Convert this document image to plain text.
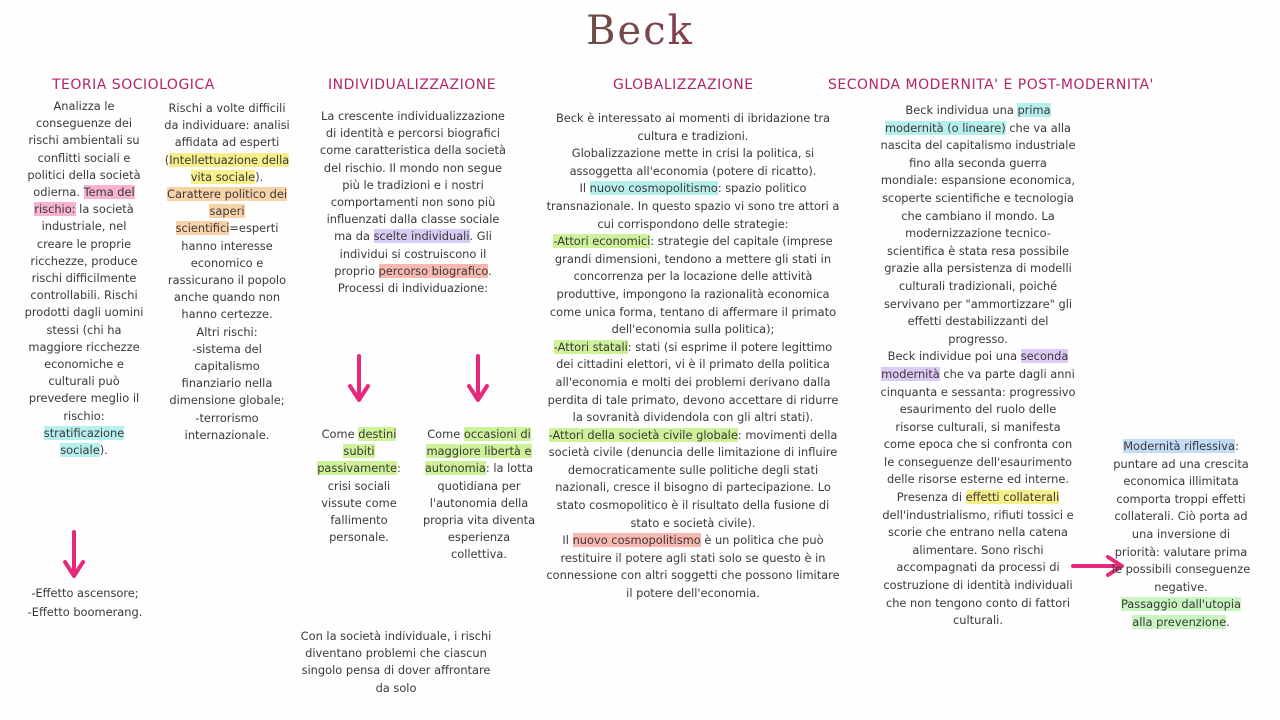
Beck
TEORIA SOCIOLOGICA	INDIVIDUALIZZAZIONE	GLOBALIZZAZIONE	SECONDA MODERNITA' E POST-MODERNITA'

Analizza le conseguenze dei rischi ambientali su conflitti sociali e politici della società odierna. Tema del rischio: la società industriale, nel creare le proprie ricchezze, produce rischi difficilmente controllabili. Rischi prodotti dagli uomini stessi (chi ha maggiore ricchezze economiche e culturali può prevedere meglio il rischio: stratificazione sociale).

-Effetto ascensore;

-Effetto boomerang.

Rischi a volte difficili da individuare: analisi affidata ad esperti (Intellettuazione della vita sociale). Carattere politico dei saperi scientifici=esperti hanno interesse economico e rassicurano il popolo anche quando non hanno certezze.

Altri rischi:

-sistema del capitalismo finanziario nella dimensione globale;

-terrorismo internazionale.

La crescente individualizzazione di identità e percorsi biografici come caratteristica della società del rischio. Il mondo non segue più le tradizioni e i nostri comportamenti non sono più influenzati dalla classe sociale ma da scelte individuali. Gli individui si costruiscono il proprio percorso biografico.

Processi di individuazione:

Come destini subiti passivamente: crisi sociali vissute come fallimento personale.

Come occasioni di maggiore libertà e autonomia: la lotta quotidiana per l'autonomia della propria vita diventa esperienza collettiva.

Con la società individuale, i rischi diventano problemi che ciascun singolo pensa di dover affrontare da solo

Beck è interessato ai momenti di ibridazione tra cultura e tradizioni.

Globalizzazione mette in crisi la politica, si assoggetta all'economia (potere di ricatto).

Il nuovo cosmopolitismo: spazio politico transnazionale. In questo spazio vi sono tre attori a cui corrispondono delle strategie:

-Attori economici: strategie del capitale (imprese grandi dimensioni, tendono a mettere gli stati in concorrenza per la locazione delle attività produttive, impongono la razionalità economica come unica forma, tentano di affermare il primato dell'economia sulla politica);

-Attori statali: stati (si esprime il potere legittimo dei cittadini elettori, vi è il primato della politica all'economia e molti dei problemi derivano dalla perdita di tale primato, devono accettare di ridurre la sovranità dividendola con gli altri stati).

-Attori della società civile globale: movimenti della società civile (denuncia delle limitazione di influire democraticamente sulle politiche degli stati nazionali, cresce il bisogno di partecipazione. Lo stato cosmopolitico è il risultato della fusione di stato e società civile).

Il nuovo cosmopolitismo è un politica che può restituire il potere agli stati solo se questo è in connessione con altri soggetti che possono limitare il potere dell'economia.

Beck individua una prima modernità (o lineare) che va alla nascita del capitalismo industriale fino alla seconda guerra mondiale: espansione economica, scoperte scientifiche e tecnologia che cambiano il mondo. La modernizzazione tecnico-scientifica è stata resa possibile grazie alla persistenza di modelli culturali tradizionali, poiché servivano per "ammortizzare" gli effetti destabilizzanti del progresso.

Beck individue poi una seconda modernità che va parte dagli anni cinquanta e sessanta: progressivo esaurimento del ruolo delle risorse culturali, si manifesta come epoca che si confronta con le conseguenze dell'esaurimento delle risorse esterne ed interne. Presenza di effetti collaterali dell'industrialismo, rifiuti tossici e scorie che entrano nella catena alimentare. Sono rischi accompagnati da processi di costruzione di identità individuali che non tengono conto di fattori culturali.

Modernità riflessiva: puntare ad una crescita economica illimitata comporta troppi effetti collaterali. Ciò porta ad una inversione di priorità: valutare prima le possibili conseguenze negative.

Passaggio dall'utopia alla prevenzione.
